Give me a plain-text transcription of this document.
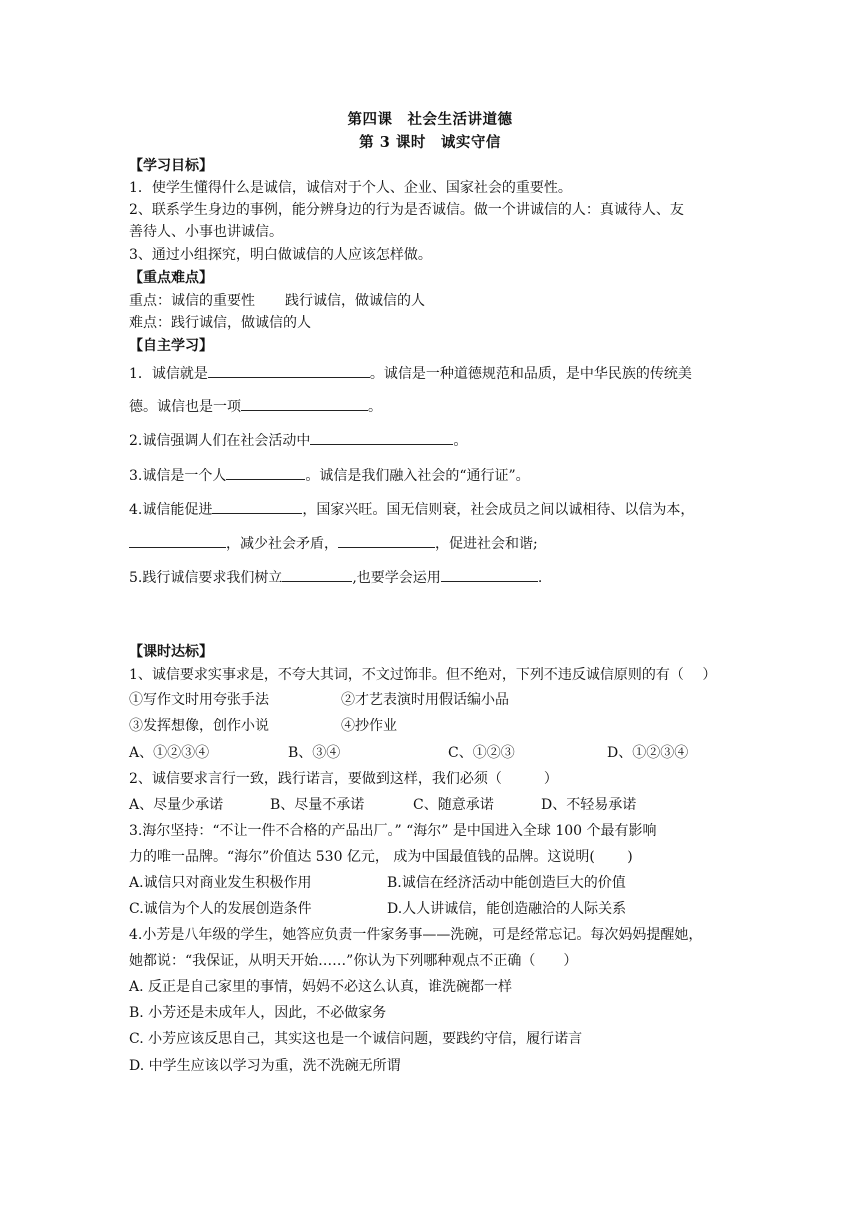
第四课　社会生活讲道德
第 3 课时　诚实守信
【学习目标】
1．使学生懂得什么是诚信，诚信对于个人、企业、国家社会的重要性。
2、联系学生身边的事例，能分辨身边的行为是否诚信。做一个讲诚信的人：真诚待人、友
善待人、小事也讲诚信。
3、通过小组探究，明白做诚信的人应该怎样做。
【重点难点】
重点：诚信的重要性 践行诚信，做诚信的人
难点：践行诚信，做诚信的人
【自主学习】
1．诚信就是	。诚信是一种道德规范和品质，是中华民族的传统美
德。诚信也是一项	。
2.诚信强调人们在社会活动中	。
3.诚信是一个人	。诚信是我们融入社会的“通行证”。
4.诚信能促进	，国家兴旺。国无信则衰，社会成员之间以诚相待、以信为本，
，减少社会矛盾，	，促进社会和谐;
5.践行诚信要求我们树立	,也要学会运用	.
【课时达标】
1、诚信要求实事求是，不夸大其词，不文过饰非。但不绝对，下列不违反诚信原则的有（　 ）
①写作文时用夸张手法	②才艺表演时用假话编小品
③发挥想像，创作小说	④抄作业
A、①②③④	B、③④	C、①②③	D、①②③④
2、诚信要求言行一致，践行诺言，要做到这样，我们必须（　　　）
A、尽量少承诺	B、尽量不承诺	C、随意承诺	D、不轻易承诺
3.海尔坚持：“不让一件不合格的产品出厂。” “海尔” 是中国进入全球 100 个最有影响
力的唯一品牌。“海尔”价值达 530 亿元， 成为中国最值钱的品牌。这说明(　　 )
A.诚信只对商业发生积极作用	B.诚信在经济活动中能创造巨大的价值
C.诚信为个人的发展创造条件	D.人人讲诚信，能创造融洽的人际关系
4.小芳是八年级的学生，她答应负责一件家务事——洗碗，可是经常忘记。每次妈妈提醒她，
她都说：“我保证，从明天开始……”你认为下列哪种观点不正确（　　）
A. 反正是自己家里的事情，妈妈不必这么认真，谁洗碗都一样
B. 小芳还是未成年人，因此，不必做家务
C. 小芳应该反思自己，其实这也是一个诚信问题，要践约守信，履行诺言
D. 中学生应该以学习为重，洗不洗碗无所谓
